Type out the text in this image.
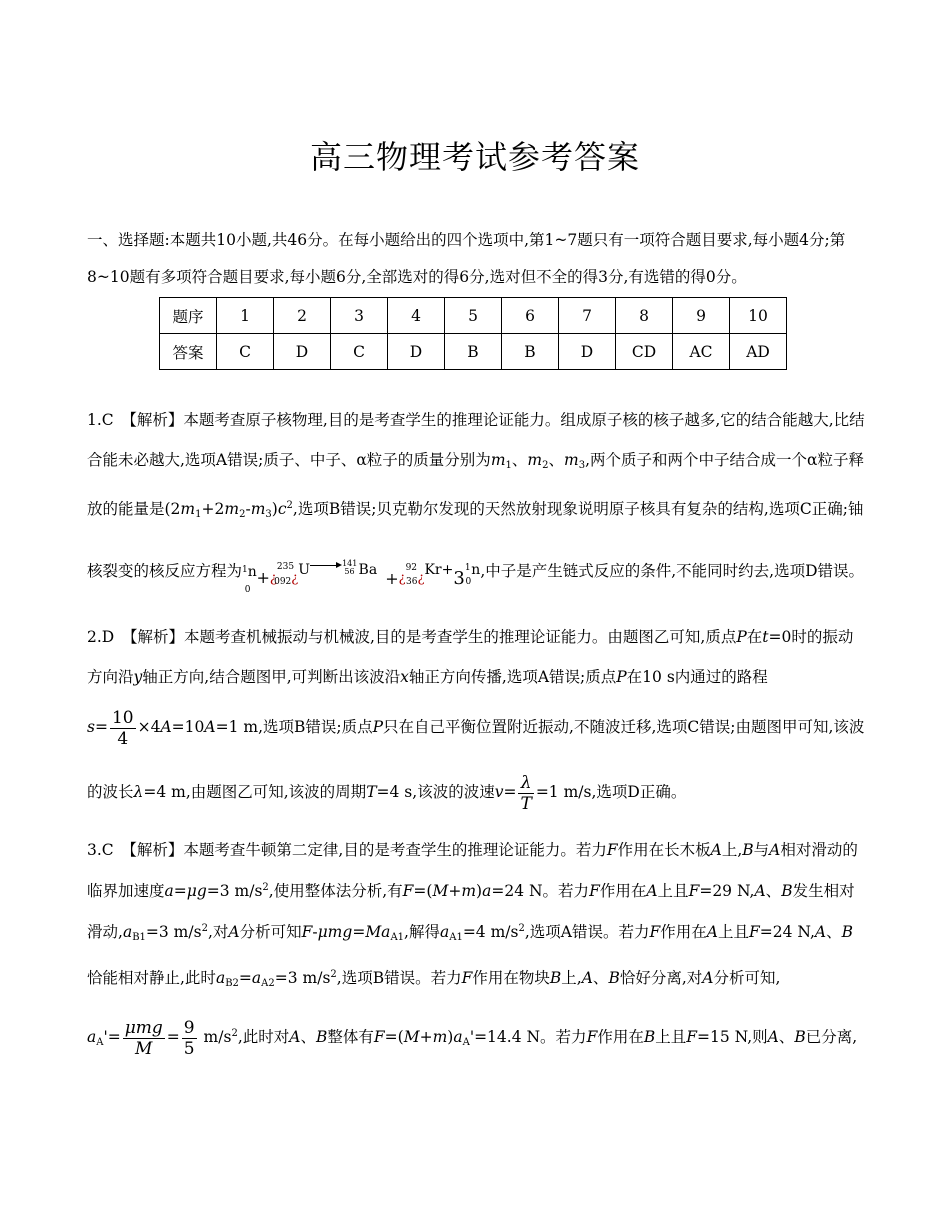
高三物理考试参考答案
一、选择题:本题共10小题,共46分。在每小题给出的四个选项中,第1~7题只有一项符合题目要求,每小题4分;第8~10题有多项符合题目要求,每小题6分,全部选对的得6分,选对但不全的得3分,有选错的得0分。
题序	1	2	3	4	5	6	7	8	9	10
答案	C	D	C	D	B	B	D	CD	AC	AD
1.C　【解析】本题考查原子核物理,目的是考查学生的推理论证能力。组成原子核的核子越多,它的结合能越大,比结合能未必越大,选项A错误;质子、中子、α粒子的质量分别为$m_1$、$m_2$、$m_3$,两个质子和两个中子结合成一个α粒子释放的能量是$(2m_1+2m_2-m_3)c^2$,选项B错误;贝克勒尔发现的天然放射现象说明原子核具有复杂的结构,选项C正确;铀核裂变的核反应方程为$1n_0+_¿^{235}_{092¿}U$	$^{141}$56 $Ba +_¿^{92}_{36¿}Kr+3^1_0n$,中子是产生链式反应的条件,不能同时约去,选项D错误。
2.D　【解析】本题考查机械振动与机械波,目的是考查学生的推理论证能力。由题图乙可知,质点P在t=0时的振动方向沿y轴正方向,结合题图甲,可判断出该波沿x轴正方向传播,选项A错误;质点P在10 s内通过的路程$s= \frac{10}{4} \times 4A=10A=1$ m,选项B错误;质点P只在自己平衡位置附近振动,不随波迁移,选项C错误;由题图甲可知,该波的波长λ=4 m,由题图乙可知,该波的周期T=4 s,该波的波速$v= \frac{\lambda}{T} =1$ m/s,选项D正确。
3.C　【解析】本题考查牛顿第二定律,目的是考查学生的推理论证能力。若力F作用在长木板A上,B与A相对滑动的临界加速度a=μg=3 $m/s^2$,使用整体法分析,有F=(M+m)a=24 N。若力F作用在A上且F=29 N,A、B发生相对滑动$,a_{B1}=3$ $m/s^2$,对A分析可知$F-\mu mg=Ma_{A1}$,解得$a_{A1}=4$ $m/s^2$,选项A错误。若力F作用在A上且F=24 N,A、B恰能相对静止,此时$a_{B2}=a_{A2}=3$ $m/s^2$,选项B错误。若力F作用在物块B上,A、B恰好分离,对A分析可知$,a_A'= \frac{\text{μmg}}{M} = \frac{9}{5} m/s^2$,此时对A、B整体有$F=(M+m)a_A'=14.4$ N。若力F作用在B上且F=15 N,则A、B已分离,
